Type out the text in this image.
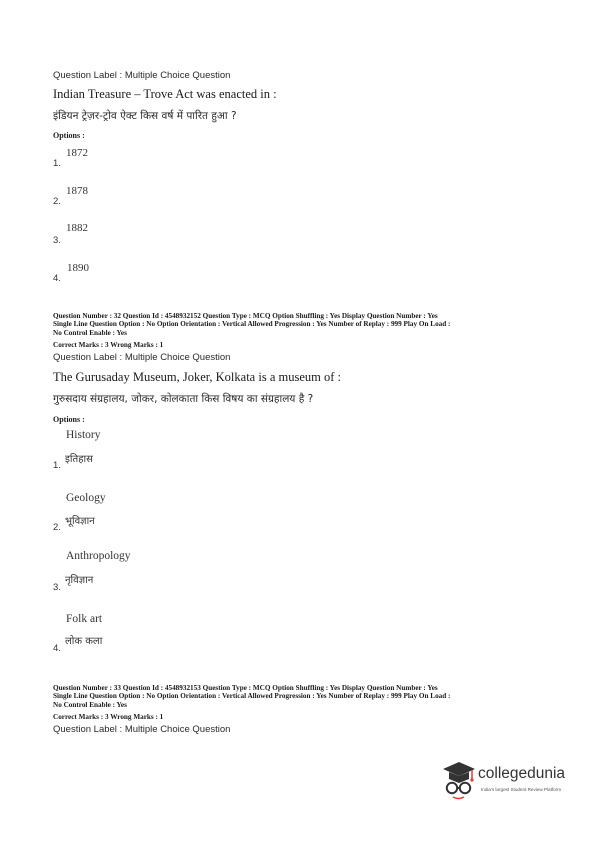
Question Label : Multiple Choice Question
Indian Treasure – Trove Act was enacted in :
इंडियन ट्रेज़र-ट्रोव ऐक्ट किस वर्ष में पारित हुआ ?
Options :
1.
1872
2.
1878
3.
1882
4.
1890
Question Number : 32 Question Id : 4548932152 Question Type : MCQ Option Shuffling : Yes Display Question Number : Yes
Single Line Question Option : No Option Orientation : Vertical Allowed Progression : Yes Number of Replay : 999 Play On Load :
No Control Enable : Yes
Correct Marks : 3 Wrong Marks : 1
Question Label : Multiple Choice Question
The Gurusaday Museum, Joker, Kolkata is a museum of :
गुरुसदाय संग्रहालय, जोकर, कोलकाता किस विषय का संग्रहालय है ?
Options :
History
1.
इतिहास
Geology
2.
भूविज्ञान
Anthropology
3.
नृविज्ञान
Folk art
4.
लोक कला
Question Number : 33 Question Id : 4548932153 Question Type : MCQ Option Shuffling : Yes Display Question Number : Yes
Single Line Question Option : No Option Orientation : Vertical Allowed Progression : Yes Number of Replay : 999 Play On Load :
No Control Enable : Yes
Correct Marks : 3 Wrong Marks : 1
Question Label : Multiple Choice Question
collegedunia
India's largest Student Review Platform
